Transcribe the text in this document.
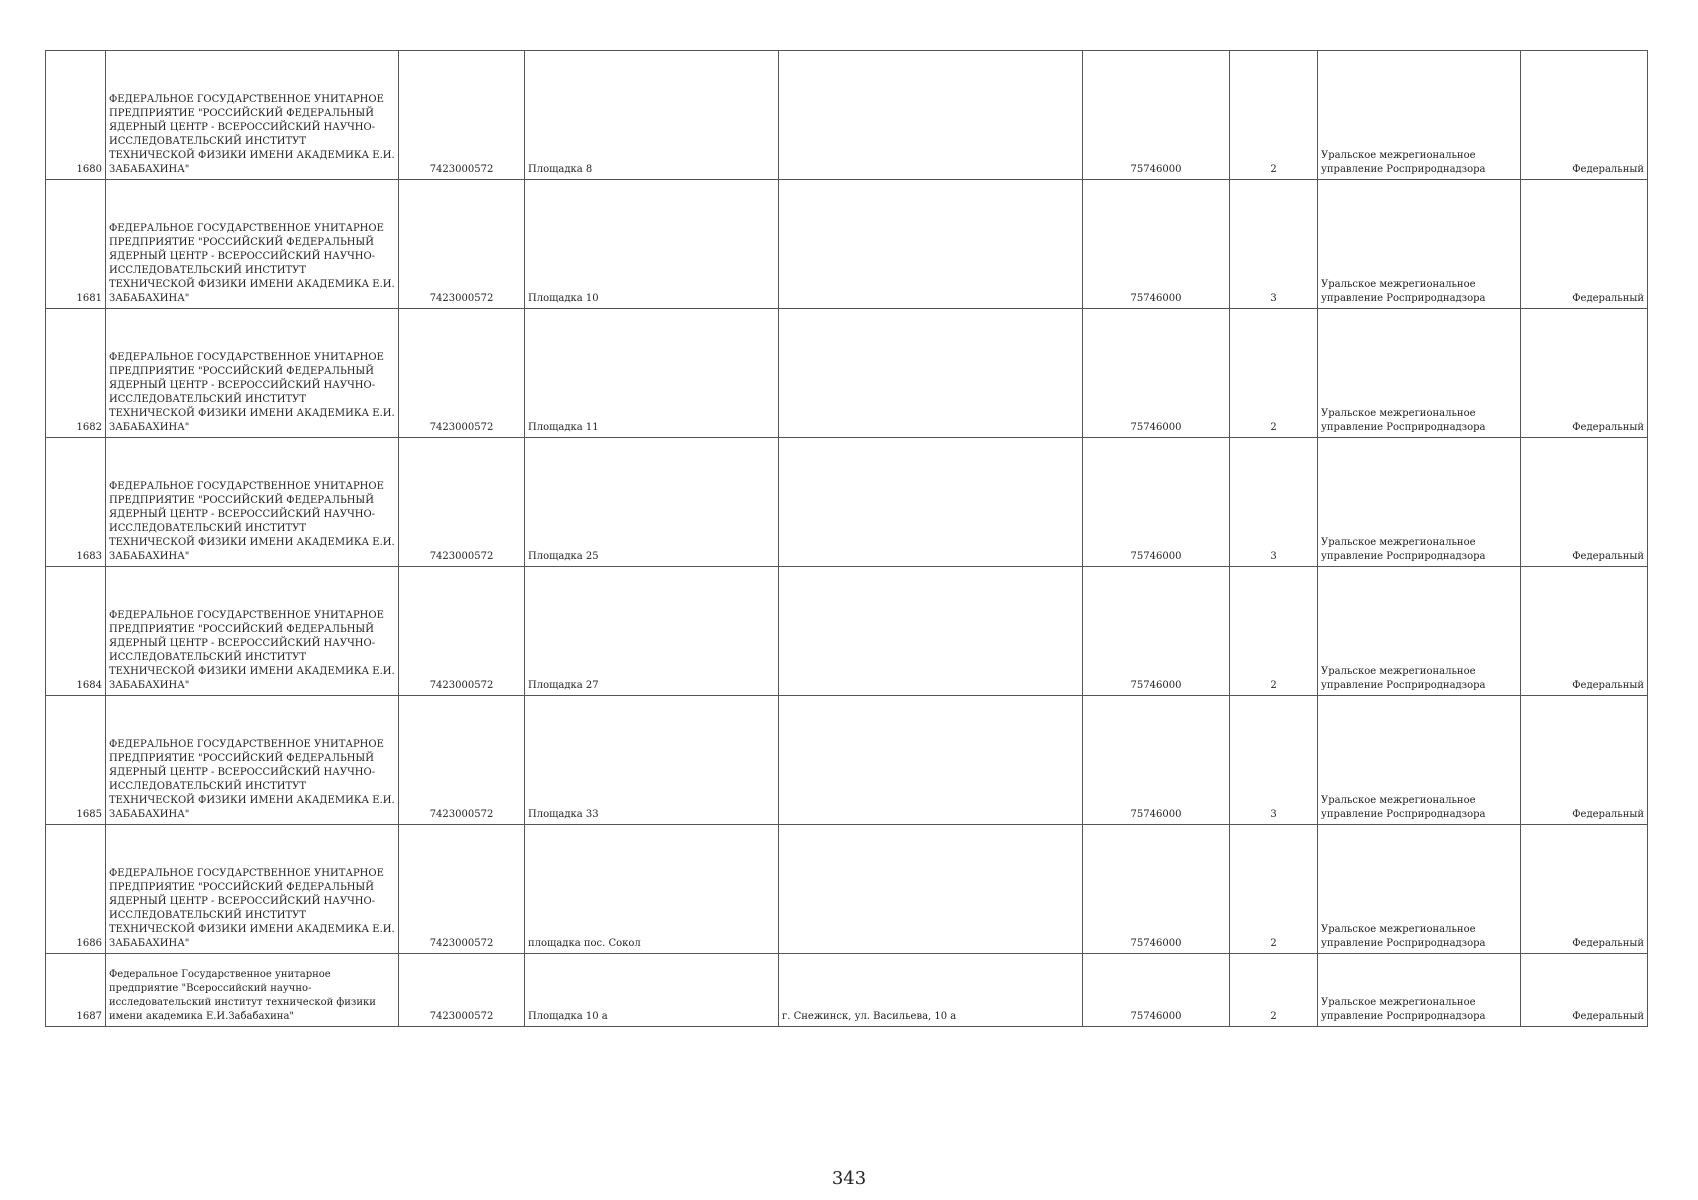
1680	ФЕДЕРАЛЬНОЕ ГОСУДАРСТВЕННОЕ УНИТАРНОЕ ПРЕДПРИЯТИЕ "РОССИЙСКИЙ ФЕДЕРАЛЬНЫЙ ЯДЕРНЫЙ ЦЕНТР - ВСЕРОССИЙСКИЙ НАУЧНО-ИССЛЕДОВАТЕЛЬСКИЙ ИНСТИТУТ ТЕХНИЧЕСКОЙ ФИЗИКИ ИМЕНИ АКАДЕМИКА Е.И. ЗАБАБАХИНА"	7423000572	Площадка 8		75746000	2	Уральское межрегиональное управление Росприроднадзора	Федеральный
1681	ФЕДЕРАЛЬНОЕ ГОСУДАРСТВЕННОЕ УНИТАРНОЕ ПРЕДПРИЯТИЕ "РОССИЙСКИЙ ФЕДЕРАЛЬНЫЙ ЯДЕРНЫЙ ЦЕНТР - ВСЕРОССИЙСКИЙ НАУЧНО-ИССЛЕДОВАТЕЛЬСКИЙ ИНСТИТУТ ТЕХНИЧЕСКОЙ ФИЗИКИ ИМЕНИ АКАДЕМИКА Е.И. ЗАБАБАХИНА"	7423000572	Площадка 10		75746000	3	Уральское межрегиональное управление Росприроднадзора	Федеральный
1682	ФЕДЕРАЛЬНОЕ ГОСУДАРСТВЕННОЕ УНИТАРНОЕ ПРЕДПРИЯТИЕ "РОССИЙСКИЙ ФЕДЕРАЛЬНЫЙ ЯДЕРНЫЙ ЦЕНТР - ВСЕРОССИЙСКИЙ НАУЧНО-ИССЛЕДОВАТЕЛЬСКИЙ ИНСТИТУТ ТЕХНИЧЕСКОЙ ФИЗИКИ ИМЕНИ АКАДЕМИКА Е.И. ЗАБАБАХИНА"	7423000572	Площадка 11		75746000	2	Уральское межрегиональное управление Росприроднадзора	Федеральный
1683	ФЕДЕРАЛЬНОЕ ГОСУДАРСТВЕННОЕ УНИТАРНОЕ ПРЕДПРИЯТИЕ "РОССИЙСКИЙ ФЕДЕРАЛЬНЫЙ ЯДЕРНЫЙ ЦЕНТР - ВСЕРОССИЙСКИЙ НАУЧНО-ИССЛЕДОВАТЕЛЬСКИЙ ИНСТИТУТ ТЕХНИЧЕСКОЙ ФИЗИКИ ИМЕНИ АКАДЕМИКА Е.И. ЗАБАБАХИНА"	7423000572	Площадка 25		75746000	3	Уральское межрегиональное управление Росприроднадзора	Федеральный
1684	ФЕДЕРАЛЬНОЕ ГОСУДАРСТВЕННОЕ УНИТАРНОЕ ПРЕДПРИЯТИЕ "РОССИЙСКИЙ ФЕДЕРАЛЬНЫЙ ЯДЕРНЫЙ ЦЕНТР - ВСЕРОССИЙСКИЙ НАУЧНО-ИССЛЕДОВАТЕЛЬСКИЙ ИНСТИТУТ ТЕХНИЧЕСКОЙ ФИЗИКИ ИМЕНИ АКАДЕМИКА Е.И. ЗАБАБАХИНА"	7423000572	Площадка 27		75746000	2	Уральское межрегиональное управление Росприроднадзора	Федеральный
1685	ФЕДЕРАЛЬНОЕ ГОСУДАРСТВЕННОЕ УНИТАРНОЕ ПРЕДПРИЯТИЕ "РОССИЙСКИЙ ФЕДЕРАЛЬНЫЙ ЯДЕРНЫЙ ЦЕНТР - ВСЕРОССИЙСКИЙ НАУЧНО-ИССЛЕДОВАТЕЛЬСКИЙ ИНСТИТУТ ТЕХНИЧЕСКОЙ ФИЗИКИ ИМЕНИ АКАДЕМИКА Е.И. ЗАБАБАХИНА"	7423000572	Площадка 33		75746000	3	Уральское межрегиональное управление Росприроднадзора	Федеральный
1686	ФЕДЕРАЛЬНОЕ ГОСУДАРСТВЕННОЕ УНИТАРНОЕ ПРЕДПРИЯТИЕ "РОССИЙСКИЙ ФЕДЕРАЛЬНЫЙ ЯДЕРНЫЙ ЦЕНТР - ВСЕРОССИЙСКИЙ НАУЧНО-ИССЛЕДОВАТЕЛЬСКИЙ ИНСТИТУТ ТЕХНИЧЕСКОЙ ФИЗИКИ ИМЕНИ АКАДЕМИКА Е.И. ЗАБАБАХИНА"	7423000572	площадка пос. Сокол		75746000	2	Уральское межрегиональное управление Росприроднадзора	Федеральный
1687	Федеральное Государственное унитарное предприятие "Всероссийский научно-исследовательский институт технической физики имени академика Е.И.Забабахина"	7423000572	Площадка 10 а	г. Снежинск, ул. Васильева, 10 а	75746000	2	Уральское межрегиональное управление Росприроднадзора	Федеральный
343
